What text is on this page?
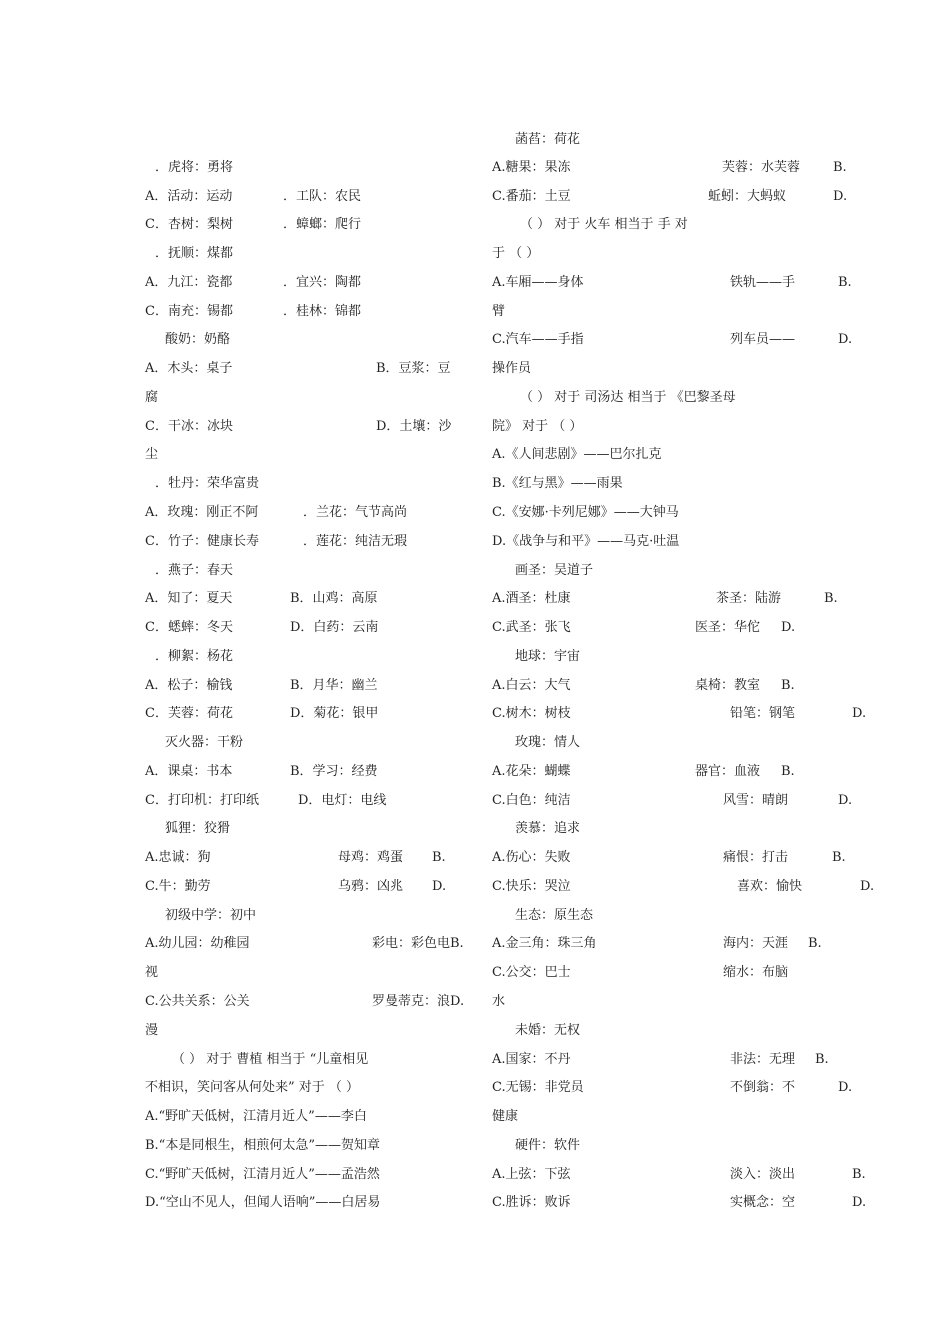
．虎将：勇将
A．活动：运动	．工队：农民
C．杏树：梨树	．蟑螂：爬行
．抚顺：煤都
A．九江：瓷都	．宜兴：陶都
C．南充：锡都	．桂林：锦都
酸奶：奶酪
A．木头：桌子	B．豆浆：豆
腐
C．干冰：冰块	D．土壤：沙
尘
．牡丹：荣华富贵
A．玫瑰：刚正不阿	．兰花：气节高尚
C．竹子：健康长寿	．莲花：纯洁无瑕
．燕子：春天
A．知了：夏天	B．山鸡：高原
C．蟋蟀：冬天	D．白药：云南
．柳絮：杨花
A．松子：榆钱	B．月华：幽兰
C．芙蓉：荷花	D．菊花：银甲
灭火器：干粉
A．课桌：书本	B．学习：经费
C．打印机：打印纸	D．电灯：电线
狐狸：狡猾
A.忠诚：狗	母鸡：鸡蛋 B.
C.牛：勤劳	乌鸦：凶兆 D.
初级中学：初中
A.幼儿园：幼稚园	彩电：彩色电B.
视
C.公共关系：公关	罗曼蒂克：浪D.
漫
（ ） 对于 曹植 相当于 “儿童相见
不相识，笑问客从何处来” 对于 （ ）
A.“野旷天低树，江清月近人”——李白
B.“本是同根生，相煎何太急”——贺知章
C.“野旷天低树，江清月近人”——孟浩然
D.“空山不见人，但闻人语响”——白居易
菡萏：荷花
A.糖果：果冻	芙蓉：水芙蓉	B.
C.番茄：土豆	蚯蚓：大蚂蚁	D.
（ ） 对于 火车 相当于 手 对
于 （ ）
A.车厢——身体	铁轨——手	B.
臂
C.汽车——手指	列车员——	D.
操作员
（ ） 对于 司汤达 相当于 《巴黎圣母
院》 对于 （ ）
A.《人间悲剧》——巴尔扎克
B.《红与黑》——雨果
C.《安娜·卡列尼娜》——大钟马
D.《战争与和平》——马克·吐温
画圣：吴道子
A.酒圣：杜康	茶圣：陆游	B.
C.武圣：张飞	医圣：华佗 D.
地球：宇宙
A.白云：大气	桌椅：教室 B.
C.树木：树枝	铅笔：钢笔	D.
玫瑰：情人
A.花朵：蝴蝶	器官：血液 B.
C.白色：纯洁	风雪：晴朗	D.
羡慕：追求
A.伤心：失败	痛恨：打击	B.
C.快乐：哭泣	喜欢：愉快	D.
生态：原生态
A.金三角：珠三角	海内：天涯 B.
C.公交：巴士	缩水：布脑
水
未婚：无权
A.国家：不丹	非法：无理 B.
C.无锡：非党员	不倒翁：不	D.
健康
硬件：软件
A.上弦：下弦	淡入：淡出	B.
C.胜诉：败诉	实概念：空	D.
